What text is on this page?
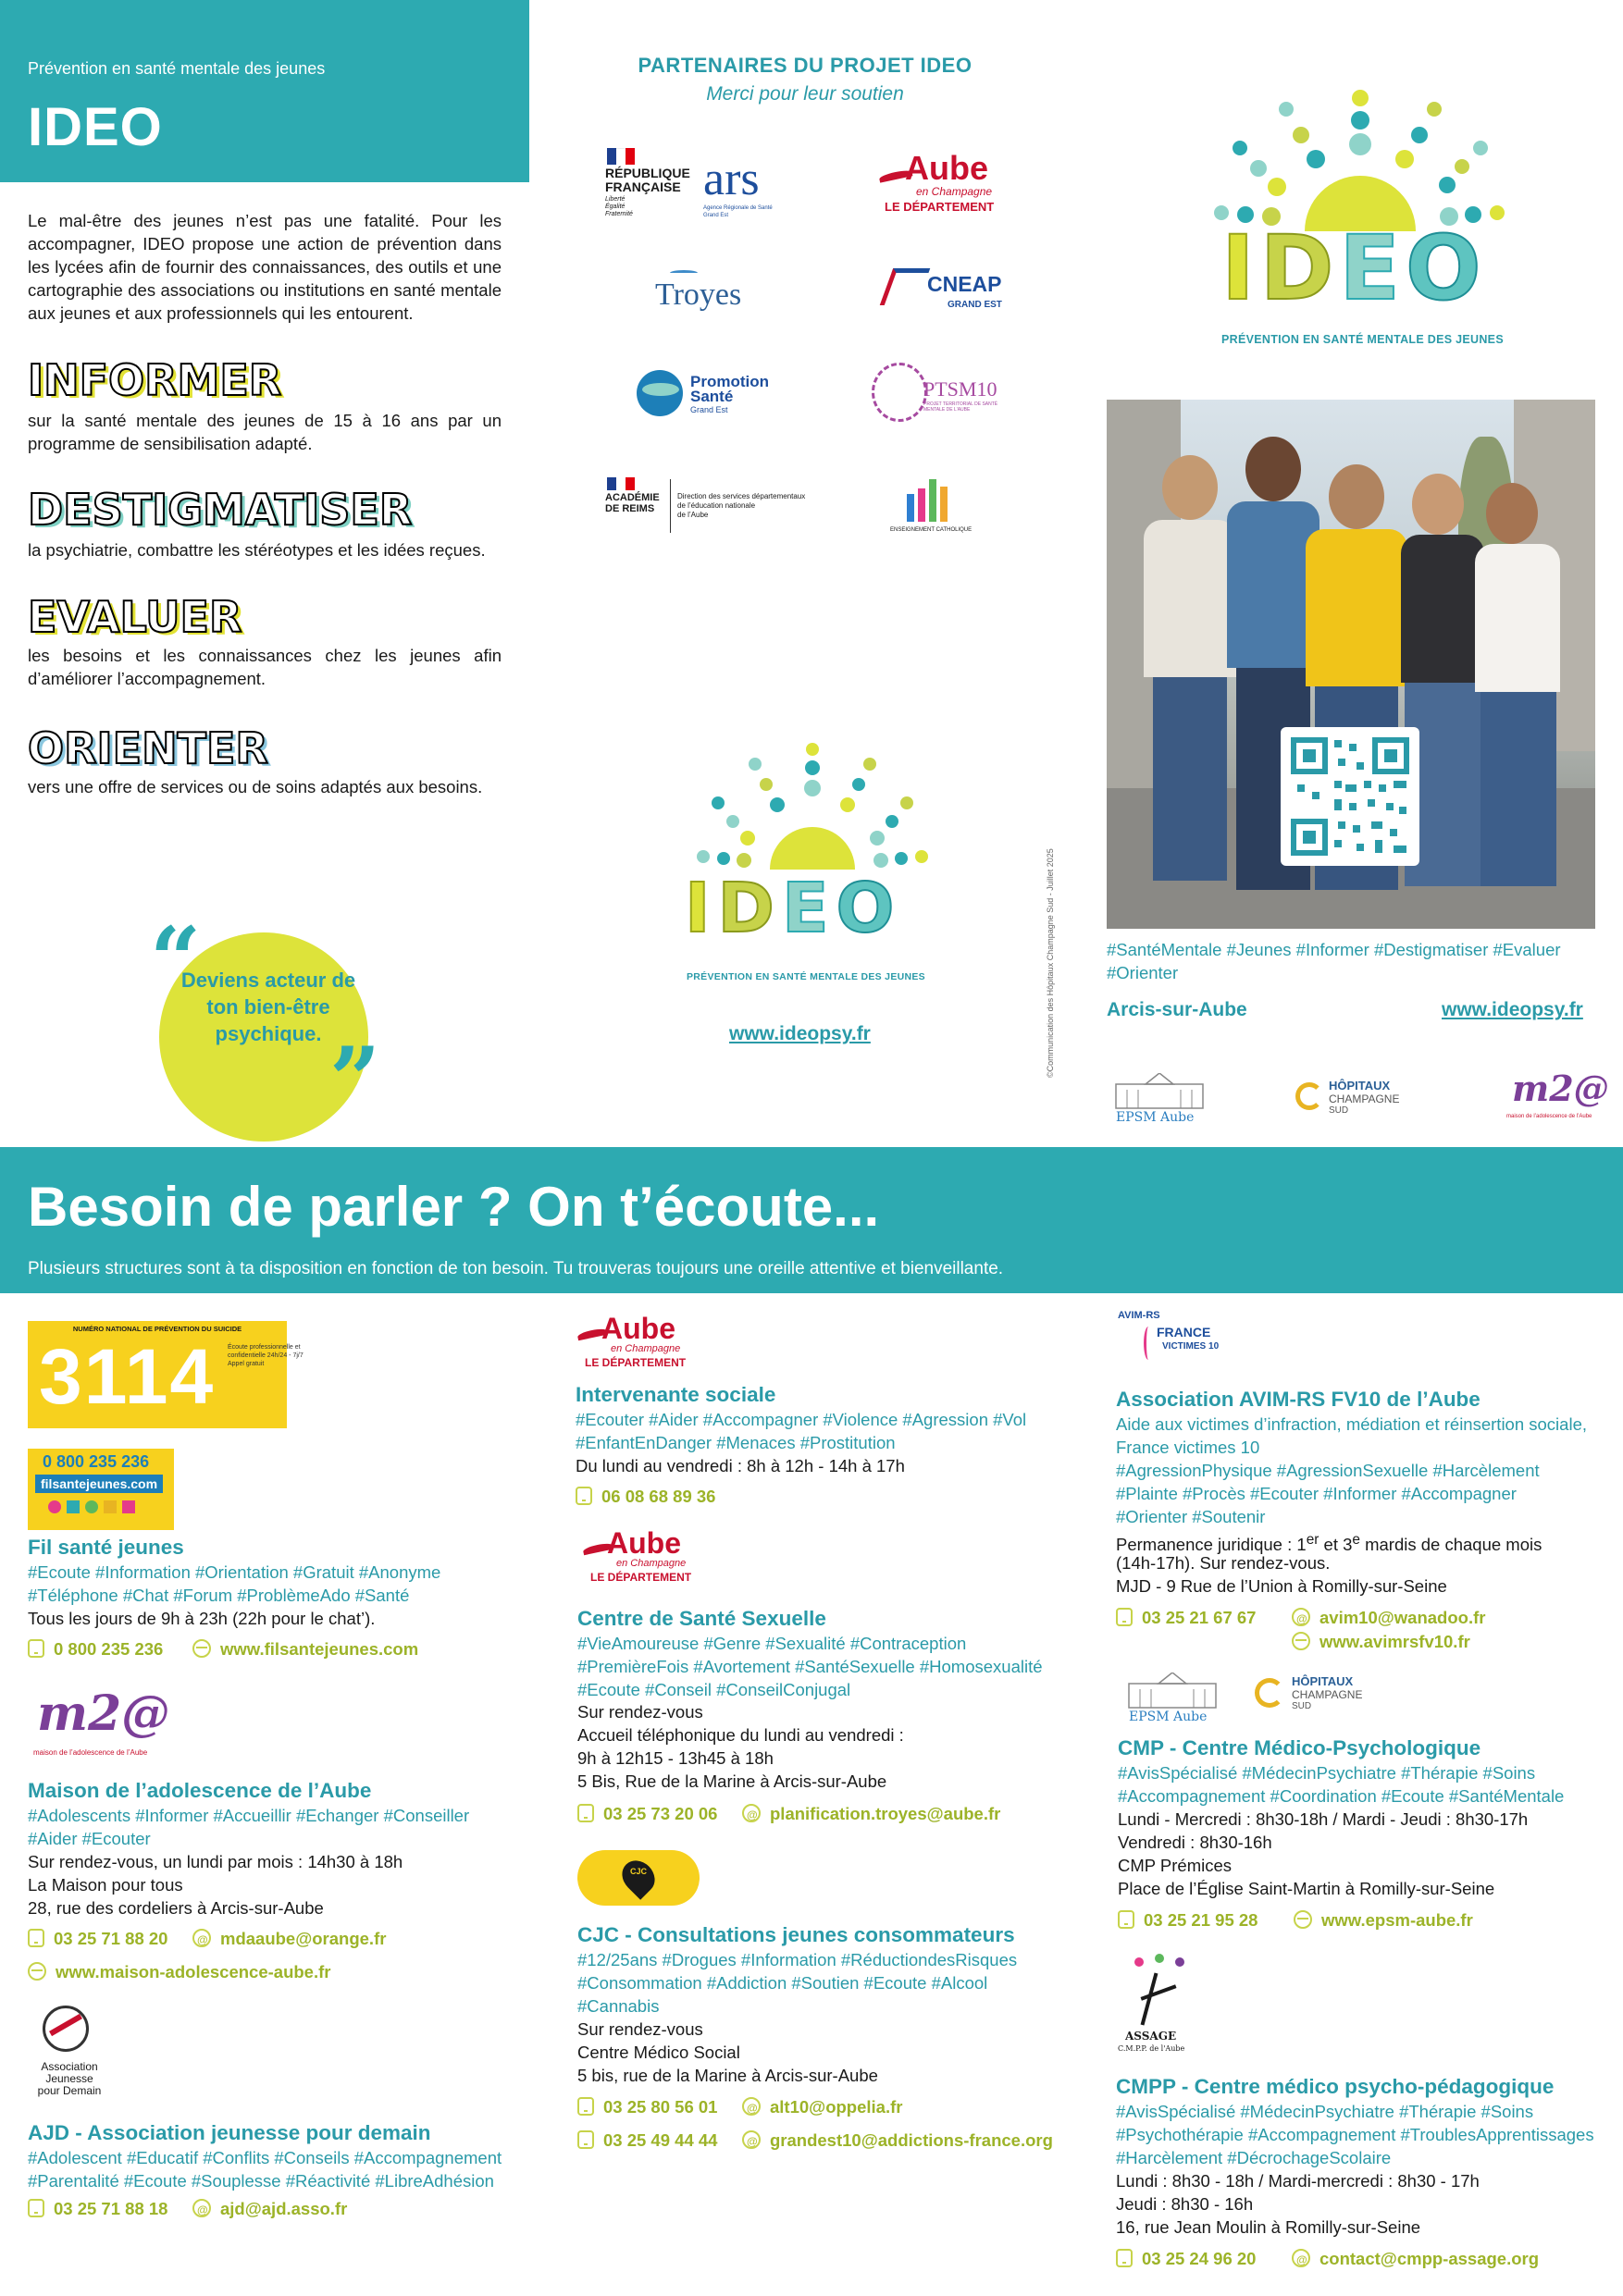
Prévention en santé mentale des jeunes
IDEO
Le mal-être des jeunes n’est pas une fatalité. Pour les accompagner, IDEO propose une action de prévention dans les lycées afin de fournir des connaissances, des outils et une cartographie des associations ou institutions en santé mentale aux jeunes et aux professionnels qui les entourent.
INFORMER
sur la santé mentale des jeunes de 15 à 16 ans par un programme de sensibilisation adapté.
DESTIGMATISER
la psychiatrie, combattre les stéréotypes et les idées reçues.
EVALUER
les besoins et les connaissances chez les jeunes afin d’améliorer l’accompagnement.
ORIENTER
vers une offre de services ou de soins adaptés aux besoins.
“
”
Deviens acteur de ton bien-être psychique.
PARTENAIRES DU PROJET IDEO
Merci pour leur soutien
RÉPUBLIQUE
FRANÇAISE
Liberté
Égalité
Fraternité
ars
Agence Régionale de Santé
Grand Est
Aube
en Champagne
LE DÉPARTEMENT
Troyes	CNEAP
GRAND EST
Promotion
Santé
Grand Est
PTSM10
PROJET TERRITORIAL DE SANTÉ MENTALE DE L'AUBE
ACADÉMIE
DE REIMS
Direction des services départementaux
de l’éducation nationale
de l’Aube
ENSEIGNEMENT CATHOLIQUE
IDEO
PRÉVENTION EN SANTÉ MENTALE DES JEUNES
IDEO
PRÉVENTION EN SANTÉ MENTALE DES JEUNES
www.ideopsy.fr	©Communication des Hôpitaux Champagne Sud - Juillet 2025	#SantéMentale #Jeunes #Informer #Destigmatiser #Evaluer #Orienter
Arcis-sur-Aube	www.ideopsy.fr
EPSM Aube
HÔPITAUX
CHAMPAGNE
SUD
m2@
maison de l’adolescence de l’Aube
Besoin de parler ? On t’écoute...
Plusieurs structures sont à ta disposition en fonction de ton besoin. Tu trouveras toujours une oreille attentive et bienveillante.
NUMÉRO NATIONAL DE PRÉVENTION DU SUICIDE
3114 Écoute professionnelle et confidentielle 24h/24 - 7j/7 Appel gratuit
0 800 235 236
filsantejeunes.com
Fil santé jeunes
#Ecoute #Information #Orientation #Gratuit #Anonyme #Téléphone #Chat #Forum #ProblèmeAdo #Santé
Tous les jours de 9h à 23h (22h pour le chat’).
0 800 235 236	www.filsantejeunes.com
m2@
maison de l’adolescence de l’Aube
Maison de l’adolescence de l’Aube
#Adolescents #Informer #Accueillir #Echanger #Conseiller #Aider #Ecouter
Sur rendez-vous, un lundi par mois : 14h30 à 18h
La Maison pour tous
28, rue des cordeliers à Arcis-sur-Aube
03 25 71 88 20 @	mdaaube@orange.fr
www.maison-adolescence-aube.fr
Association
Jeunesse
pour Demain
AJD - Association jeunesse pour demain
#Adolescent #Educatif #Conflits #Conseils #Accompagnement #Parentalité #Ecoute #Souplesse #Réactivité #LibreAdhésion
03 25 71 88 18 @	ajd@ajd.asso.fr
Aube
en Champagne
LE DÉPARTEMENT
Intervenante sociale
#Ecouter #Aider #Accompagner #Violence #Agression #Vol #EnfantEnDanger #Menaces #Prostitution
Du lundi au vendredi : 8h à 12h - 14h à 17h
06 08 68 89 36
Aube
en Champagne
LE DÉPARTEMENT
Centre de Santé Sexuelle
#VieAmoureuse #Genre #Sexualité #Contraception #PremièreFois #Avortement #SantéSexuelle #Homosexualité #Ecoute #Conseil #ConseilConjugal
Sur rendez-vous
Accueil téléphonique du lundi au vendredi :
9h à 12h15 - 13h45 à 18h
5 Bis, Rue de la Marine à Arcis-sur-Aube
03 25 73 20 06 @	planification.troyes@aube.fr
CJC
CJC - Consultations jeunes consommateurs
#12/25ans #Drogues #Information #RéductiondesRisques #Consommation #Addiction #Soutien #Ecoute #Alcool #Cannabis
Sur rendez-vous
Centre Médico Social
5 bis, rue de la Marine à Arcis-sur-Aube
03 25 80 56 01 @	alt10@oppelia.fr
03 25 49 44 44 @	grandest10@addictions-france.org
AVIM-RS
FRANCE
VICTIMES 10
Association AVIM-RS FV10 de l’Aube
Aide aux victimes d’infraction, médiation et réinsertion sociale, France victimes 10
#AgressionPhysique #AgressionSexuelle #Harcèlement #Plainte #Procès #Ecouter #Informer #Accompagner #Orienter #Soutenir
Permanence juridique : 1er et 3e mardis de chaque mois
(14h-17h). Sur rendez-vous.
MJD - 9 Rue de l’Union à Romilly-sur-Seine
03 25 21 67 67 @	avim10@wanadoo.fr
www.avimrsfv10.fr
EPSM Aube
HÔPITAUX
CHAMPAGNE
SUD
CMP - Centre Médico-Psychologique
#AvisSpécialisé #MédecinPsychiatre #Thérapie #Soins #Accompagnement #Coordination #Ecoute #SantéMentale
Lundi - Mercredi : 8h30-18h / Mardi - Jeudi : 8h30-17h
Vendredi : 8h30-16h
CMP Prémices
Place de l’Église Saint-Martin à Romilly-sur-Seine
03 25 21 95 28	www.epsm-aube.fr
ASSAGE
C.M.P.P. de l'Aube
CMPP - Centre médico psycho-pédagogique
#AvisSpécialisé #MédecinPsychiatre #Thérapie #Soins #Psychothérapie #Accompagnement #TroublesApprentissages #Harcèlement #DécrochageScolaire
Lundi : 8h30 - 18h / Mardi-mercredi : 8h30 - 17h
Jeudi : 8h30 - 16h
16, rue Jean Moulin à Romilly-sur-Seine
03 25 24 96 20 @	contact@cmpp-assage.org
